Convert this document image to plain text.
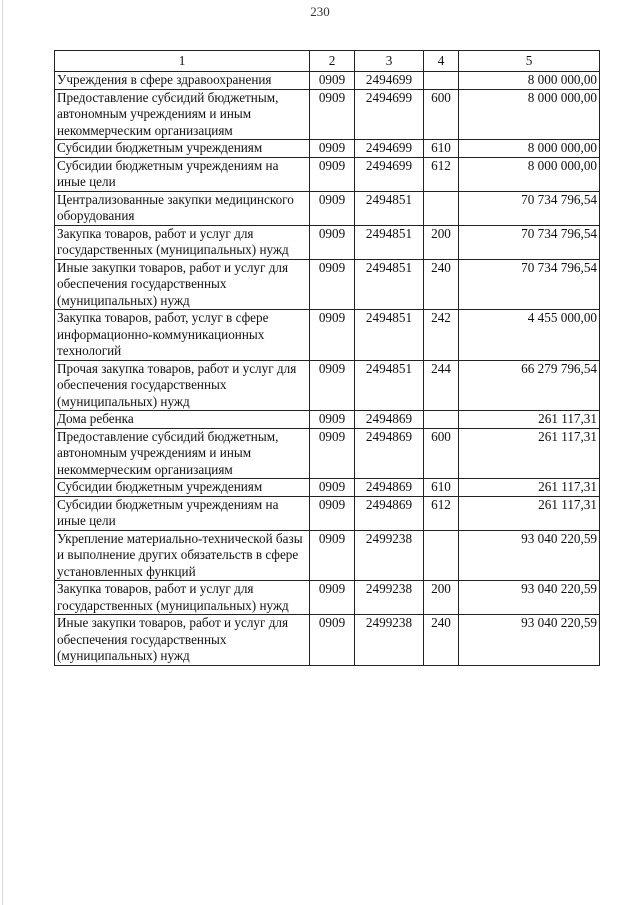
230
1	2	3	4	5
Учреждения в сфере здравоохранения	0909	2494699		8 000 000,00
Предоставление субсидий бюджетным, автономным учреждениям и иным некоммерческим организациям	0909	2494699	600	8 000 000,00
Субсидии бюджетным учреждениям	0909	2494699	610	8 000 000,00
Субсидии бюджетным учреждениям на иные цели	0909	2494699	612	8 000 000,00
Централизованные закупки медицинского оборудования	0909	2494851		70 734 796,54
Закупка товаров, работ и услуг для государственных (муниципальных) нужд	0909	2494851	200	70 734 796,54
Иные закупки товаров, работ и услуг для обеспечения государственных (муниципальных) нужд	0909	2494851	240	70 734 796,54
Закупка товаров, работ, услуг в сфере информационно-коммуникационных технологий	0909	2494851	242	4 455 000,00
Прочая закупка товаров, работ и услуг для обеспечения государственных (муниципальных) нужд	0909	2494851	244	66 279 796,54
Дома ребенка	0909	2494869		261 117,31
Предоставление субсидий бюджетным, автономным учреждениям и иным некоммерческим организациям	0909	2494869	600	261 117,31
Субсидии бюджетным учреждениям	0909	2494869	610	261 117,31
Субсидии бюджетным учреждениям на иные цели	0909	2494869	612	261 117,31
Укрепление материально-технической базы и выполнение других обязательств в сфере установленных функций	0909	2499238		93 040 220,59
Закупка товаров, работ и услуг для государственных (муниципальных) нужд	0909	2499238	200	93 040 220,59
Иные закупки товаров, работ и услуг для обеспечения государственных (муниципальных) нужд	0909	2499238	240	93 040 220,59
